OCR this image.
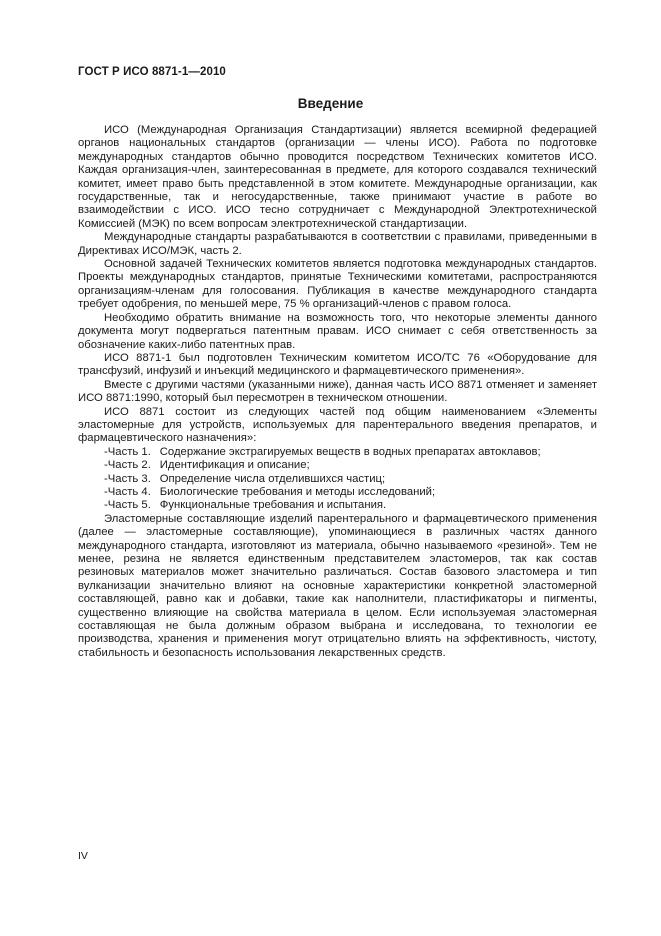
ГОСТ Р ИСО 8871-1—2010
Введение

ИСО (Международная Организация Стандартизации) является всемирной федерацией органов национальных стандартов (организации — члены ИСО). Работа по подготовке международных стандартов обычно проводится посредством Технических комитетов ИСО. Каждая организация-член, заинтересованная в предмете, для которого создавался технический комитет, имеет право быть представленной в этом комитете. Международные организации, как государственные, так и негосударственные, также принимают участие в работе во взаимодействии с ИСО. ИСО тесно сотрудничает с Международной Электротехнической Комиссией (МЭК) по всем вопросам электротехнической стандартизации.

Международные стандарты разрабатываются в соответствии с правилами, приведенными в Директивах ИСО/МЭК, часть 2.

Основной задачей Технических комитетов является подготовка международных стандартов. Проекты международных стандартов, принятые Техническими комитетами, распространяются организациям-членам для голосования. Публикация в качестве международного стандарта требует одобрения, по меньшей мере, 75 % организаций-членов с правом голоса.

Необходимо обратить внимание на возможность того, что некоторые элементы данного документа могут подвергаться патентным правам. ИСО снимает с себя ответственность за обозначение каких-либо патентных прав.

ИСО 8871-1 был подготовлен Техническим комитетом ИСО/ТС 76 «Оборудование для трансфузий, инфузий и инъекций медицинского и фармацевтического применения».

Вместе с другими частями (указанными ниже), данная часть ИСО 8871 отменяет и заменяет ИСО 8871:1990, который был пересмотрен в техническом отношении.

ИСО 8871 состоит из следующих частей под общим наименованием «Элементы эластомерные для устройств, используемых для парентерального введения препаратов, и фармацевтического назначения»:

-Часть 1. Содержание экстрагируемых веществ в водных препаратах автоклавов;
-Часть 2. Идентификация и описание;
-Часть 3. Определение числа отделившихся частиц;
-Часть 4. Биологические требования и методы исследований;
-Часть 5. Функциональные требования и испытания.

Эластомерные составляющие изделий парентерального и фармацевтического применения (далее — эластомерные составляющие), упоминающиеся в различных частях данного международного стандарта, изготовляют из материала, обычно называемого «резиной». Тем не менее, резина не является единственным представителем эластомеров, так как состав резиновых материалов может значительно различаться. Состав базового эластомера и тип вулканизации значительно влияют на основные характеристики конкретной эластомерной составляющей, равно как и добавки, такие как наполнители, пластификаторы и пигменты, существенно влияющие на свойства материала в целом. Если используемая эластомерная составляющая не была должным образом выбрана и исследована, то технологии ее производства, хранения и применения могут отрицательно влиять на эффективность, чистоту, стабильность и безопасность использования лекарственных средств.

IV
